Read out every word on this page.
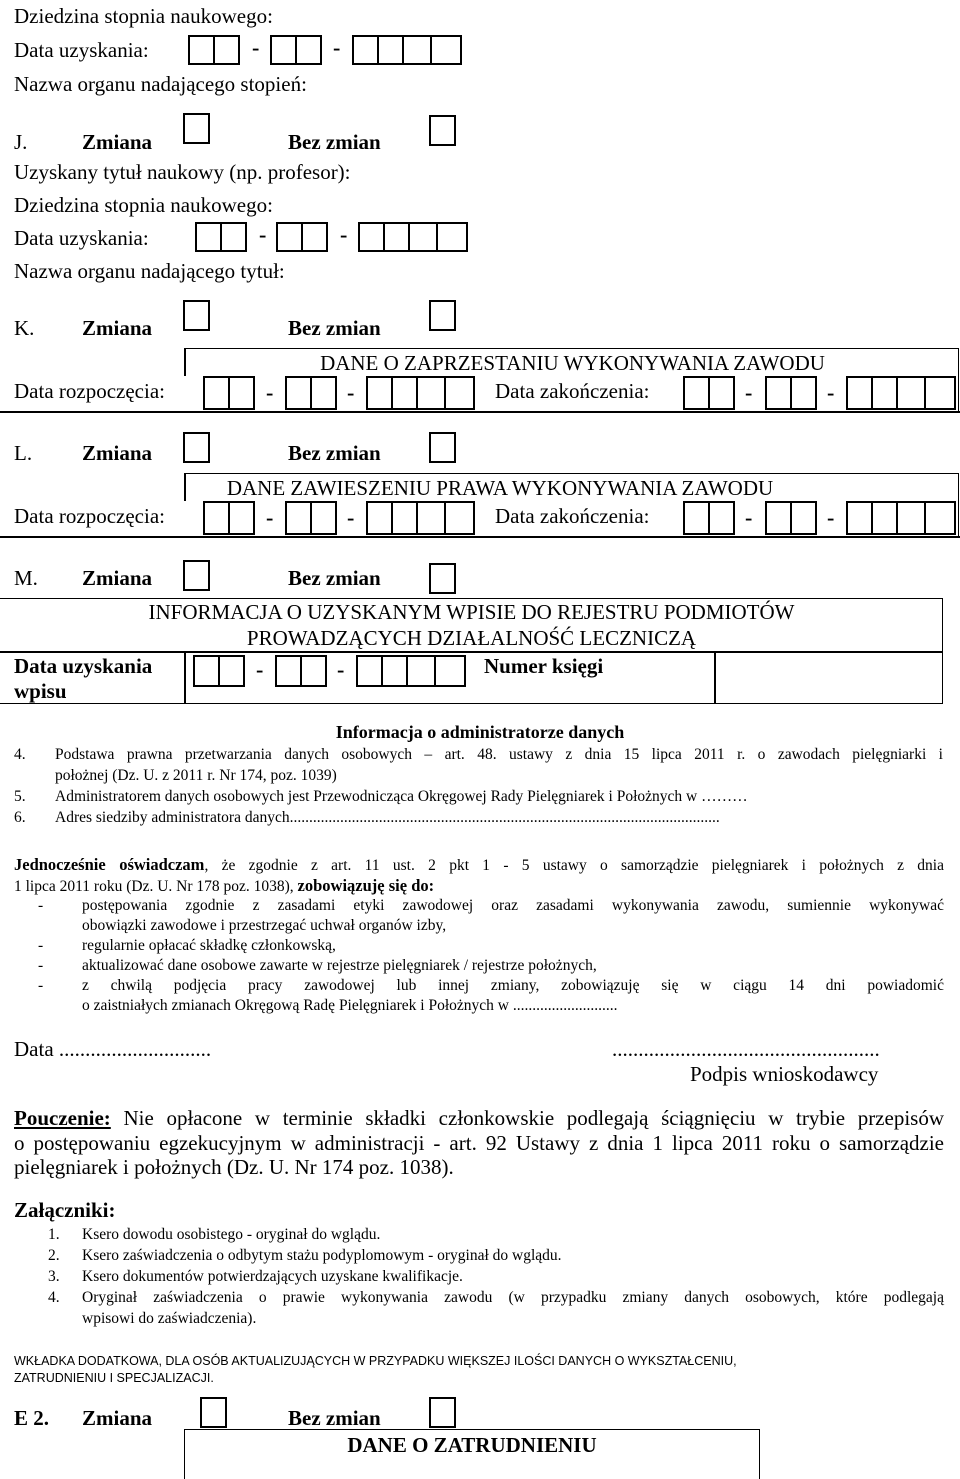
Dziedzina stopnia naukowego:
Data uzyskania:	-	-
Nazwa organu nadającego stopień:
J.	Zmiana	Bez zmian
Uzyskany tytuł naukowy (np. profesor):
Dziedzina stopnia naukowego:
Data uzyskania:	-	-
Nazwa organu nadającego tytuł:
K. Zmiana	Bez zmian
DANE O ZAPRZESTANIU WYKONYWANIA ZAWODU
Data rozpoczęcia:	-	-	Data zakończenia:	-	-
L. Zmiana	Bez zmian
DANE ZAWIESZENIU PRAWA WYKONYWANIA ZAWODU
Data rozpoczęcia:	-	-	Data zakończenia:	-	-
M. Zmiana	Bez zmian
INFORMACJA O UZYSKANYM WPISIE DO REJESTRU PODMIOTÓW
PROWADZĄCYCH DZIAŁALNOŚĆ LECZNICZĄ
Data uzyskania
wpisu
-	-	Numer księgi
Informacja o administratorze danych
4. Podstawa prawna przetwarzania danych osobowych – art. 48. ustawy z dnia 15 lipca 2011 r. o zawodach pielęgniarki i
położnej (Dz. U. z 2011 r. Nr 174, poz. 1039)
5. Administratorem danych osobowych jest Przewodnicząca Okręgowej Rady Pielęgniarek i Położnych w ………
6. Adres siedziby administratora danych...............................................................................................................
Jednocześnie oświadczam, że zgodnie z art. 11 ust. 2 pkt 1 - 5 ustawy o samorządzie pielęgniarek i położnych z dnia
1 lipca 2011 roku (Dz. U. Nr 178 poz. 1038), zobowiązuję się do:
-	postępowania zgodnie z zasadami etyki zawodowej oraz zasadami wykonywania zawodu, sumiennie wykonywać
obowiązki zawodowe i przestrzegać uchwał organów izby,
-	regularnie opłacać składkę członkowską,
-	aktualizować dane osobowe zawarte w rejestrze pielęgniarek / rejestrze położnych,
-	z chwilą podjęcia pracy zawodowej lub innej zmiany, zobowiązuję się w ciągu 14 dni powiadomić
o zaistniałych zmianach Okręgową Radę Pielęgniarek i Położnych w ...........................
Data .............................	...................................................
Podpis wnioskodawcy
Pouczenie: Nie opłacone w terminie składki członkowskie podlegają ściągnięciu w trybie przepisów
o postępowaniu egzekucyjnym w administracji - art. 92 Ustawy z dnia 1 lipca 2011 roku o samorządzie
pielęgniarek i położnych (Dz. U. Nr 174 poz. 1038).
Załączniki:
1. Ksero dowodu osobistego - oryginał do wglądu.
2. Ksero zaświadczenia o odbytym stażu podyplomowym - oryginał do wglądu.
3. Ksero dokumentów potwierdzających uzyskane kwalifikacje.
4. Oryginał zaświadczenia o prawie wykonywania zawodu (w przypadku zmiany danych osobowych, które podlegają
wpisowi do zaświadczenia).
WKŁADKA DODATKOWA, DLA OSÓB AKTUALIZUJĄCYCH W PRZYPADKU WIĘKSZEJ ILOŚCI DANYCH O WYKSZTAŁCENIU,
ZATRUDNIENIU I SPECJALIZACJI.
E 2. Zmiana	Bez zmian
DANE O ZATRUDNIENIU
